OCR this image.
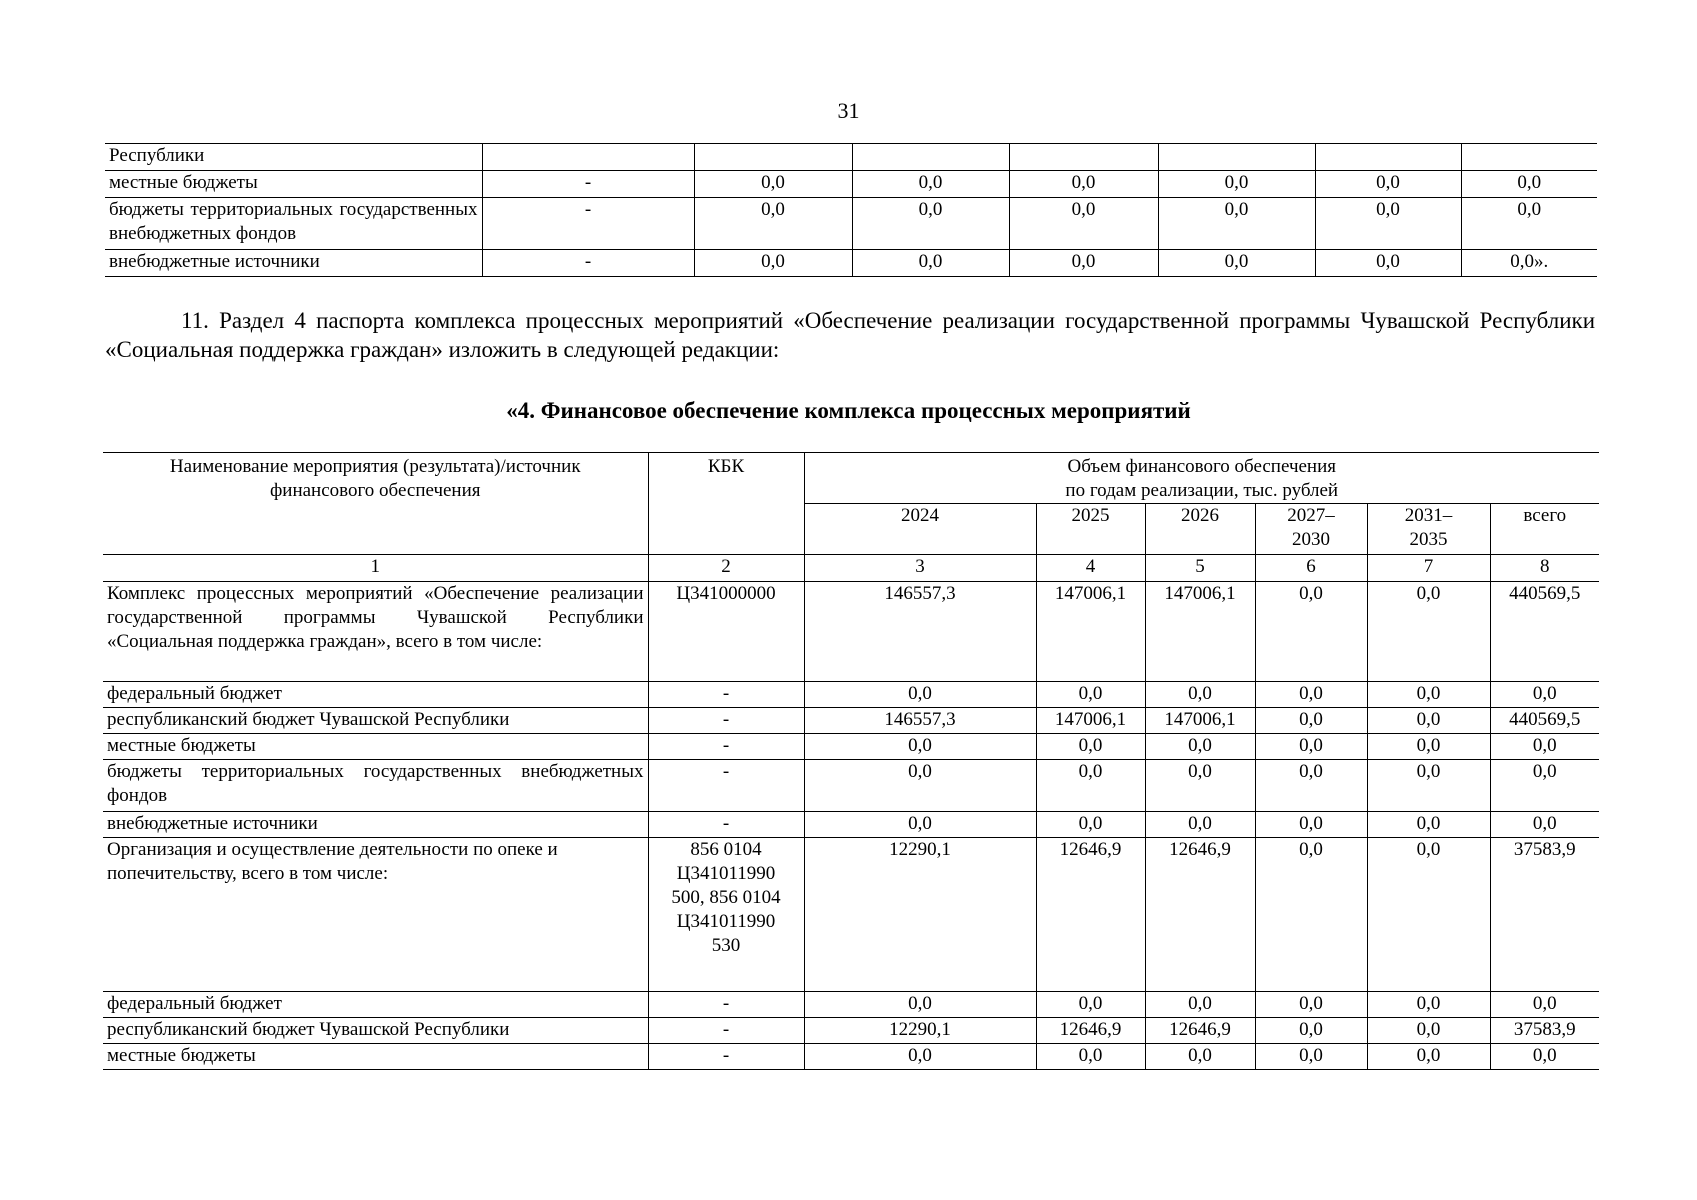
31
Республики							
местные бюджеты	-	0,0	0,0	0,0	0,0	0,0	0,0
бюджеты территориальных государственных внебюджетных фондов	-	0,0	0,0	0,0	0,0	0,0	0,0
внебюджетные источники	-	0,0	0,0	0,0	0,0	0,0	0,0».
11. Раздел 4 паспорта комплекса процессных мероприятий «Обеспечение реализации государственной программы Чувашской Республики «Социальная поддержка граждан» изложить в следующей редакции:
«4. Финансовое обеспечение комплекса процессных мероприятий
Наименование мероприятия (результата)/источник финансового обеспечения	КБК	Объем финансового обеспечения по годам реализации, тыс. рублей					
		2024	2025	2026	2027–2030	2031–2035	всего
1	2	3	4	5	6	7	8
Комплекс процессных мероприятий «Обеспечение реализации государственной программы Чувашской Республики «Социальная поддержка граждан», всего в том числе:	Ц341000000	146557,3	147006,1	147006,1	0,0	0,0	440569,5
федеральный бюджет	-	0,0	0,0	0,0	0,0	0,0	0,0
республиканский бюджет Чувашской Республики	-	146557,3	147006,1	147006,1	0,0	0,0	440569,5
местные бюджеты	-	0,0	0,0	0,0	0,0	0,0	0,0
бюджеты территориальных государственных внебюджетных фондов	-	0,0	0,0	0,0	0,0	0,0	0,0
внебюджетные источники	-	0,0	0,0	0,0	0,0	0,0	0,0
Организация и осуществление деятельности по опеке и попечительству, всего в том числе:	856 0104 Ц341011990 500, 856 0104 Ц341011990 530	12290,1	12646,9	12646,9	0,0	0,0	37583,9
федеральный бюджет	-	0,0	0,0	0,0	0,0	0,0	0,0
республиканский бюджет Чувашской Республики	-	12290,1	12646,9	12646,9	0,0	0,0	37583,9
местные бюджеты	-	0,0	0,0	0,0	0,0	0,0	0,0
